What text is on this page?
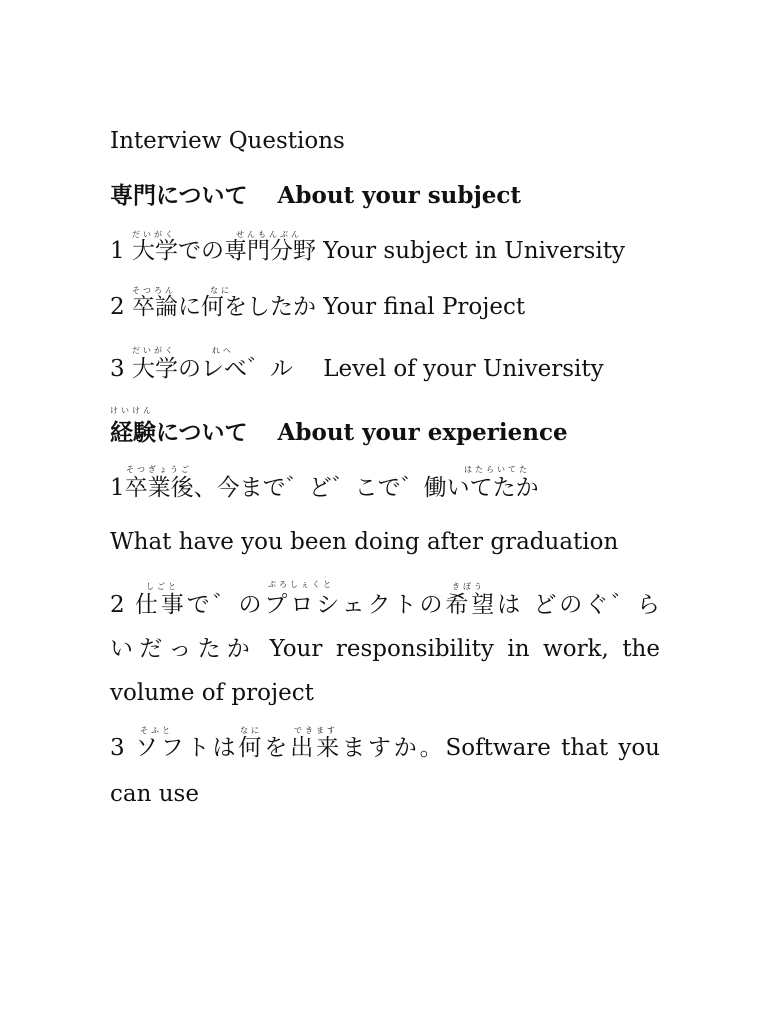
Interview Questions
専門について About your subject
だいがく	せんもんぶん
1 大学での専門分野 Your subject in University
そつろん	なに
2 卒論に何をしたか Your final Project
だいがく	れへ
3 大学のレべ゛ル　 Level of your University
けいけん
経験について About your experience
そつぎょうご	はたらいてた
1卒業後、今まで゛ど゛こで゛働いてたか
What have you been doing after graduation
しごと	ぷろしぇくと	きぼう
2 仕事で゛のプロシェクトの希望は どのぐ゛ら
いだったか Your responsibility in work, the
volume of project
そふと	なに	できます
3 ソフトは何を出来ますか。Software that you
can use
